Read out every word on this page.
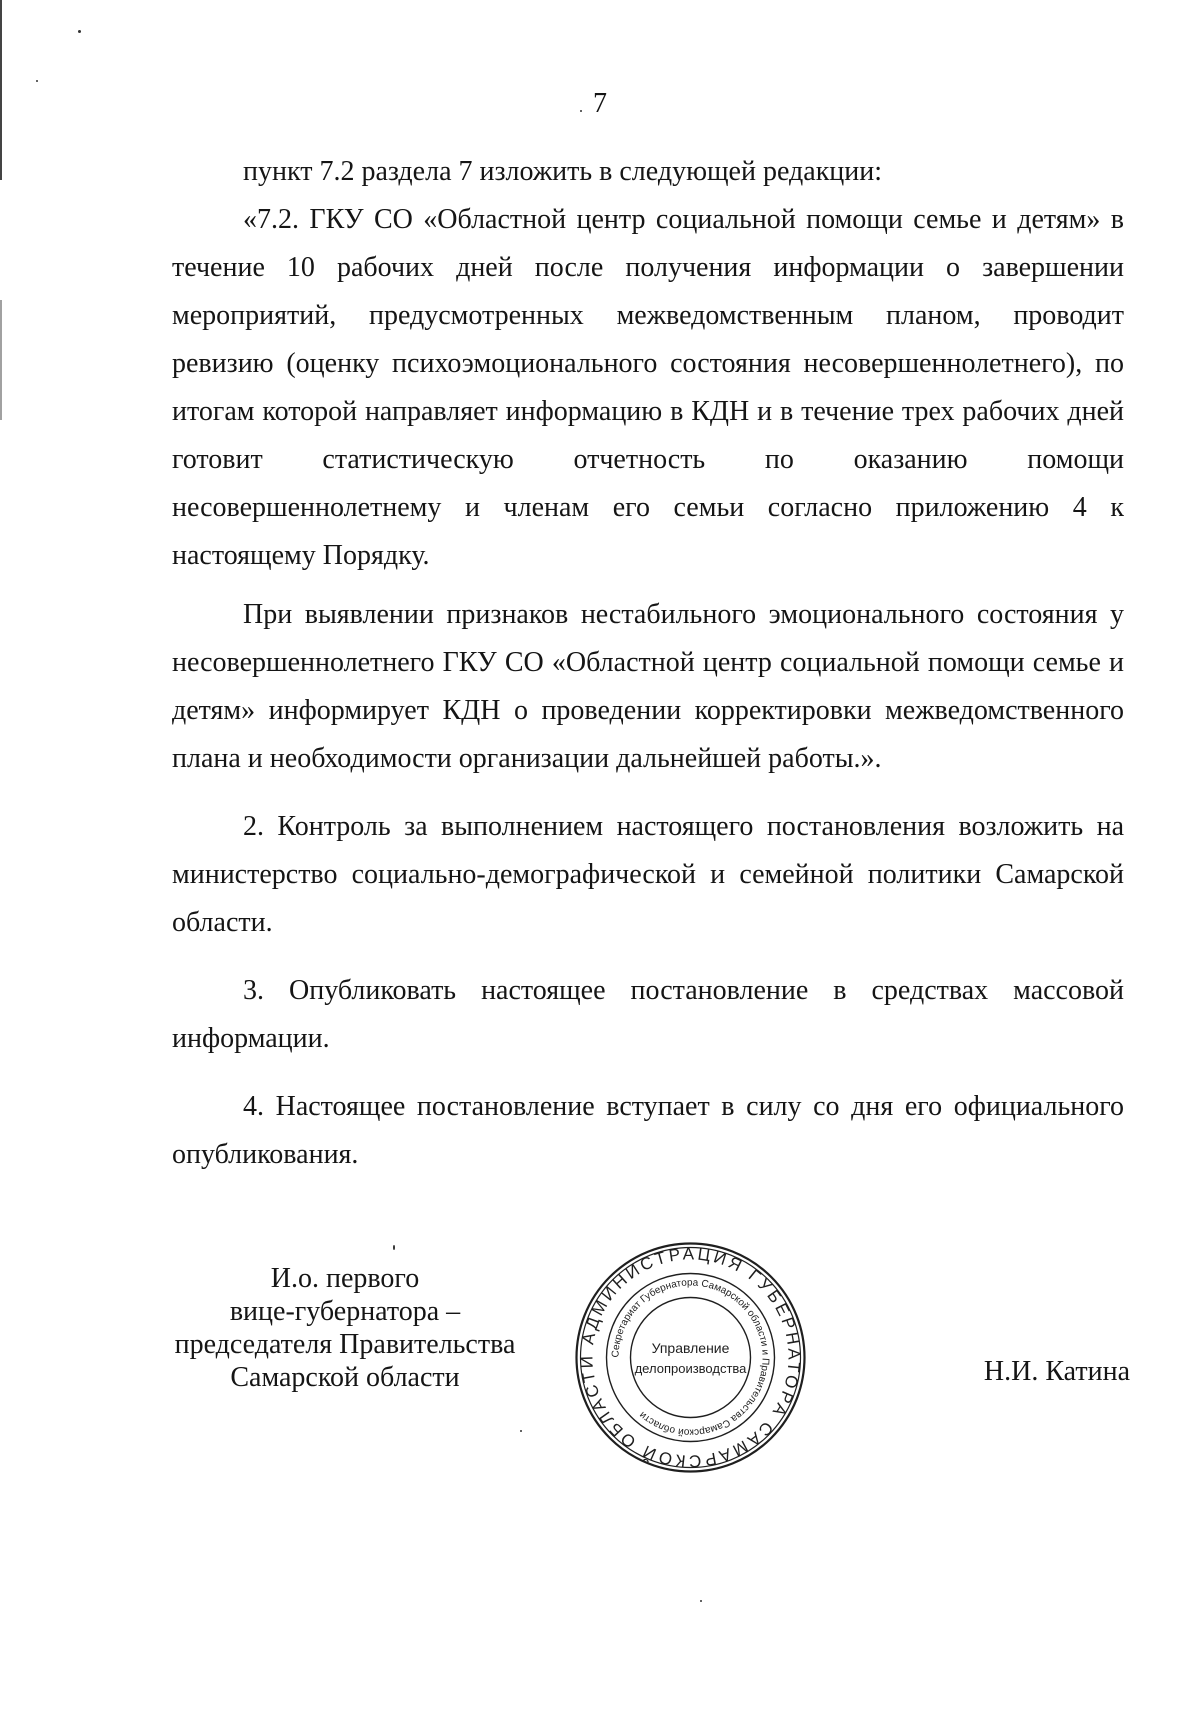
7

пункт 7.2 раздела 7 изложить в следующей редакции:

«7.2. ГКУ СО «Областной центр социальной помощи семье и детям» в течение 10 рабочих дней после получения информации о завершении мероприятий, предусмотренных межведомственным планом, проводит ревизию (оценку психоэмоционального состояния несовершеннолетнего), по итогам которой направляет информацию в КДН и в течение трех рабочих дней готовит статистическую отчетность по оказанию помощи несовершеннолетнему и членам его семьи согласно приложению 4 к настоящему Порядку.

При выявлении признаков нестабильного эмоционального состояния у несовершеннолетнего ГКУ СО «Областной центр социальной помощи семье и детям» информирует КДН о проведении корректировки межведомственного плана и необходимости организации дальнейшей работы.».

2. Контроль за выполнением настоящего постановления возложить на министерство социально-демографической и семейной политики Самарской области.

3. Опубликовать настоящее постановление в средствах массовой информации.

4. Настоящее постановление вступает в силу со дня его официального опубликования.

И.о. первого
вице-губернатора –
председателя Правительства
Самарской области
АДМИНИСТРАЦИЯ ГУБЕРНАТОРА САМАРСКОЙ ОБЛАСТИ	Секретариат Губернатора Самарской области и Правительства Самарской области
Управление
делопроизводства	Н.И. Катина
